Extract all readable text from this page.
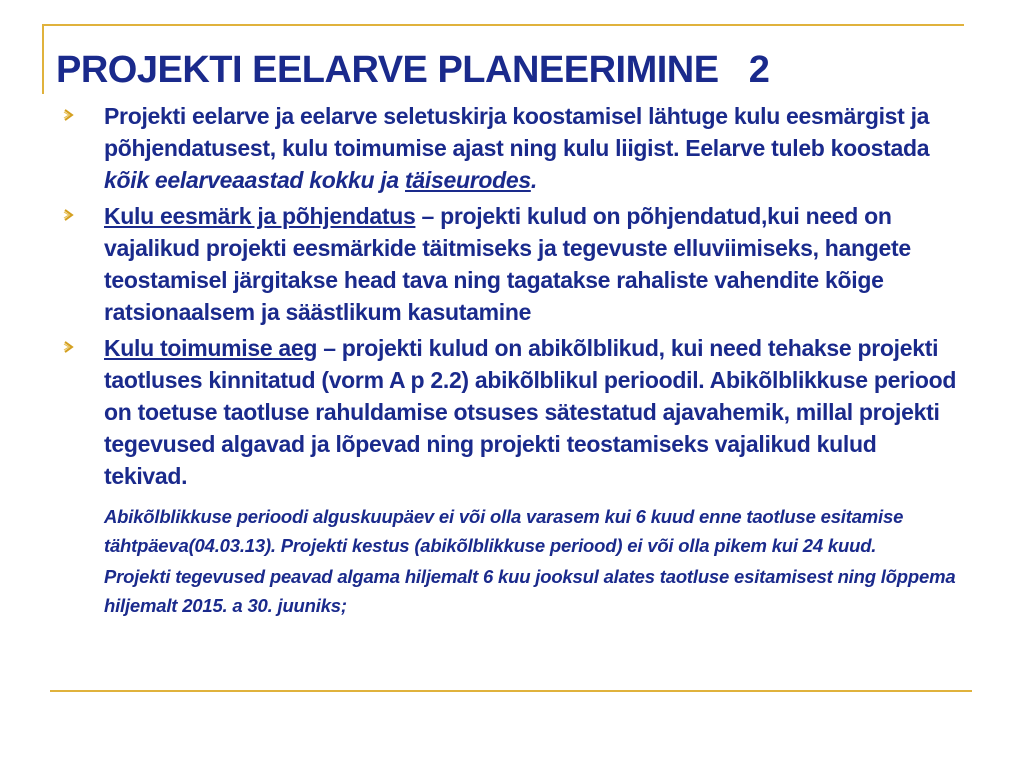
PROJEKTI EELARVE PLANEERIMINE   2
Projekti eelarve ja eelarve seletuskirja koostamisel lähtuge kulu eesmärgist ja põhjendatusest, kulu toimumise ajast ning kulu liigist. Eelarve tuleb koostada kõik eelarveaastad kokku ja täiseurodes.
Kulu eesmärk ja põhjendatus – projekti kulud on põhjendatud,kui need on vajalikud projekti eesmärkide täitmiseks ja tegevuste elluviimiseks, hangete teostamisel järgitakse head tava ning tagatakse rahaliste vahendite kõige ratsionaalsem ja säästlikum kasutamine
Kulu toimumise aeg – projekti kulud on abikõlblikud, kui need tehakse projekti taotluses kinnitatud (vorm A p 2.2) abikõlblikul perioodil. Abikõlblikkuse periood on toetuse taotluse rahuldamise otsuses sätestatud ajavahemik, millal projekti tegevused algavad ja lõpevad ning projekti teostamiseks vajalikud kulud tekivad.
Abikõlblikkuse perioodi alguskuupäev ei või olla varasem kui 6 kuud enne taotluse esitamise tähtpäeva(04.03.13). Projekti kestus (abikõlblikkuse periood) ei või olla pikem kui 24 kuud.
Projekti tegevused peavad algama hiljemalt 6 kuu jooksul alates taotluse esitamisest ning lõppema hiljemalt 2015. a 30. juuniks;
